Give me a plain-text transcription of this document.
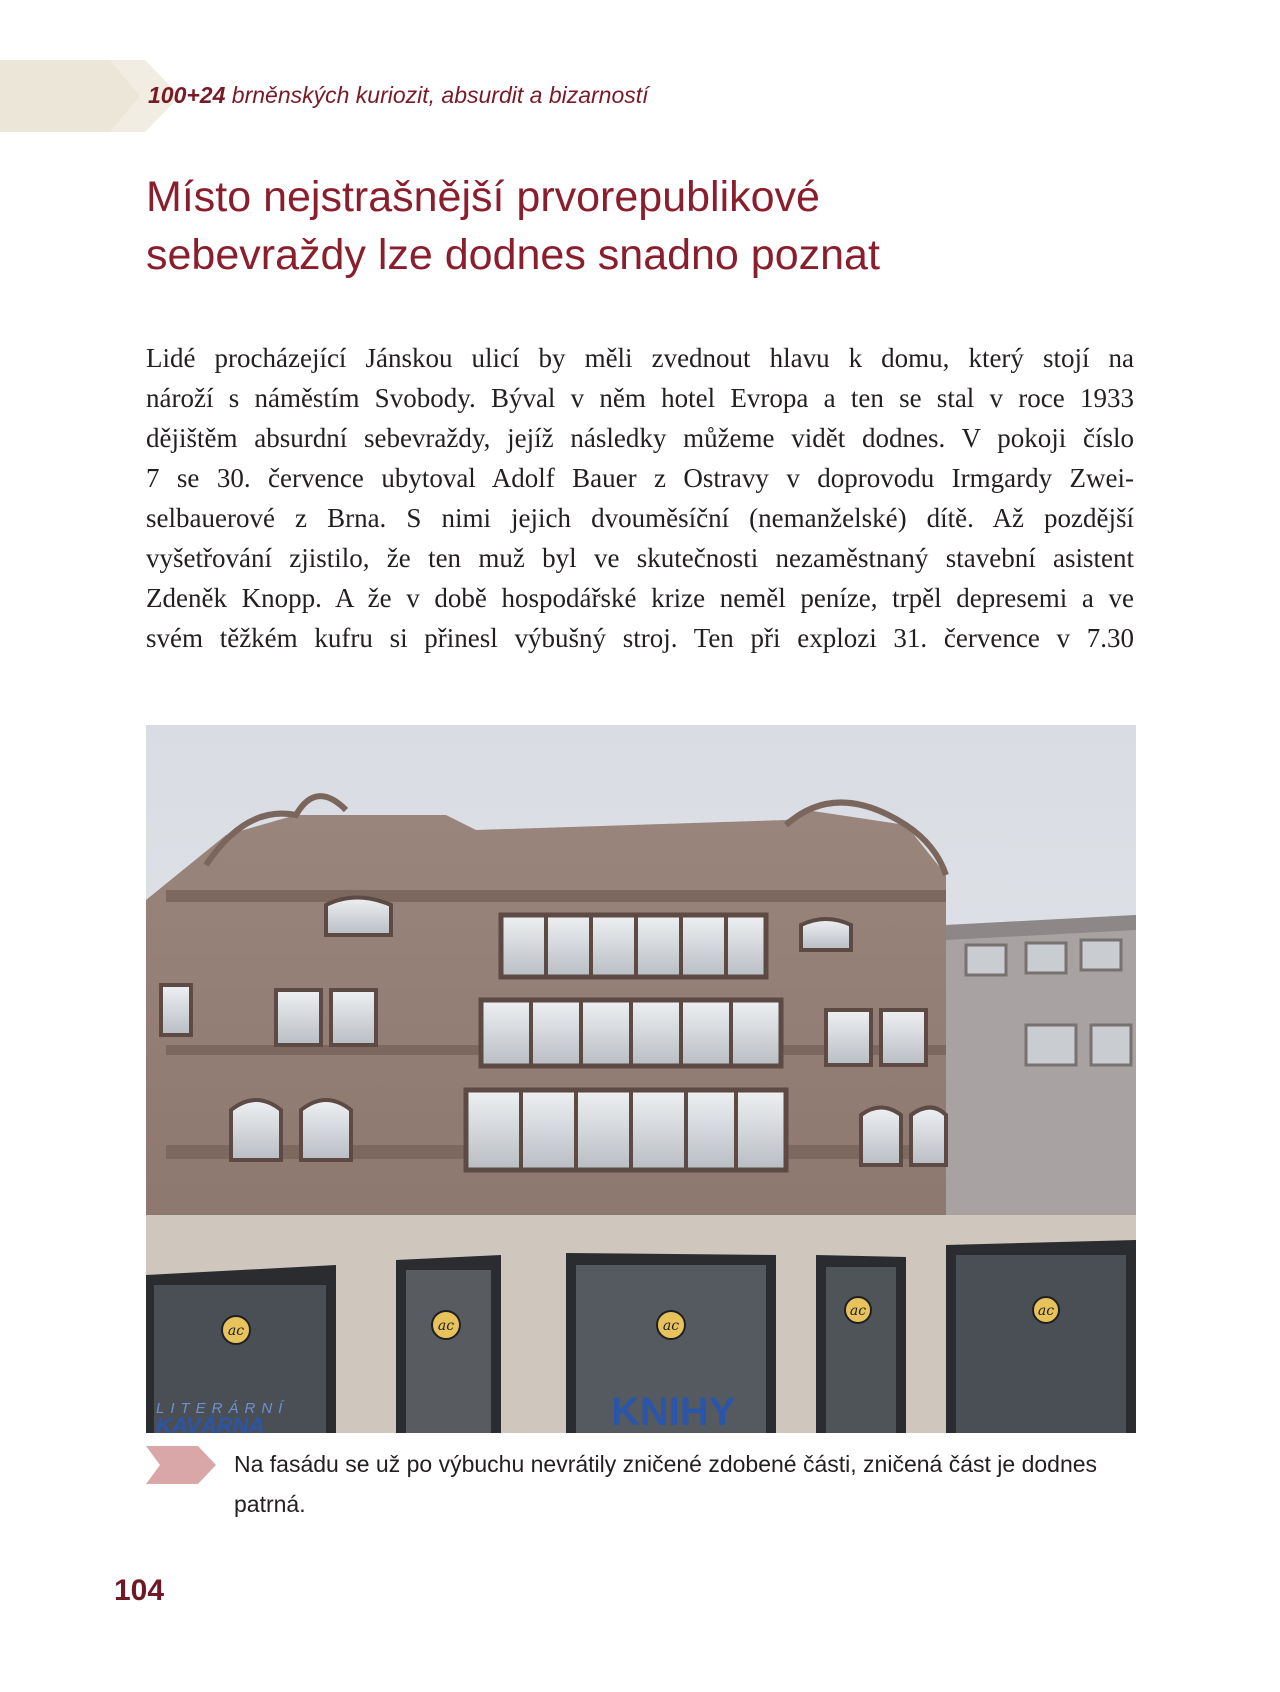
100+24 brněnských kuriozit, absurdit a bizarností
Místo nejstrašnější prvorepublikové
sebevraždy lze dodnes snadno poznat
Lidé procházející Jánskou ulicí by měli zvednout hlavu k domu, který stojí na
nároží s náměstím Svobody. Býval v něm hotel Evropa a ten se stal v roce 1933
dějištěm absurdní sebevraždy, jejíž následky můžeme vidět dodnes. V pokoji číslo
7 se 30. července ubytoval Adolf Bauer z Ostravy v doprovodu Irmgardy Zwei-
selbauerové z Brna. S nimi jejich dvouměsíční (nemanželské) dítě. Až pozdější
vyšetřování zjistilo, že ten muž byl ve skutečnosti nezaměstnaný stavební asistent
Zdeněk Knopp. A že v době hospodářské krize neměl peníze, trpěl depresemi a ve
svém těžkém kufru si přinesl výbušný stroj. Ten při explozi 31. července v 7.30
ac	ac	ac
ac	ac
KNIHY
LITERÁRNÍ
KAVÁRNA
Na fasádu se už po výbuchu nevrátily zničené zdobené části, zničená část je dodnes patrná.
104
